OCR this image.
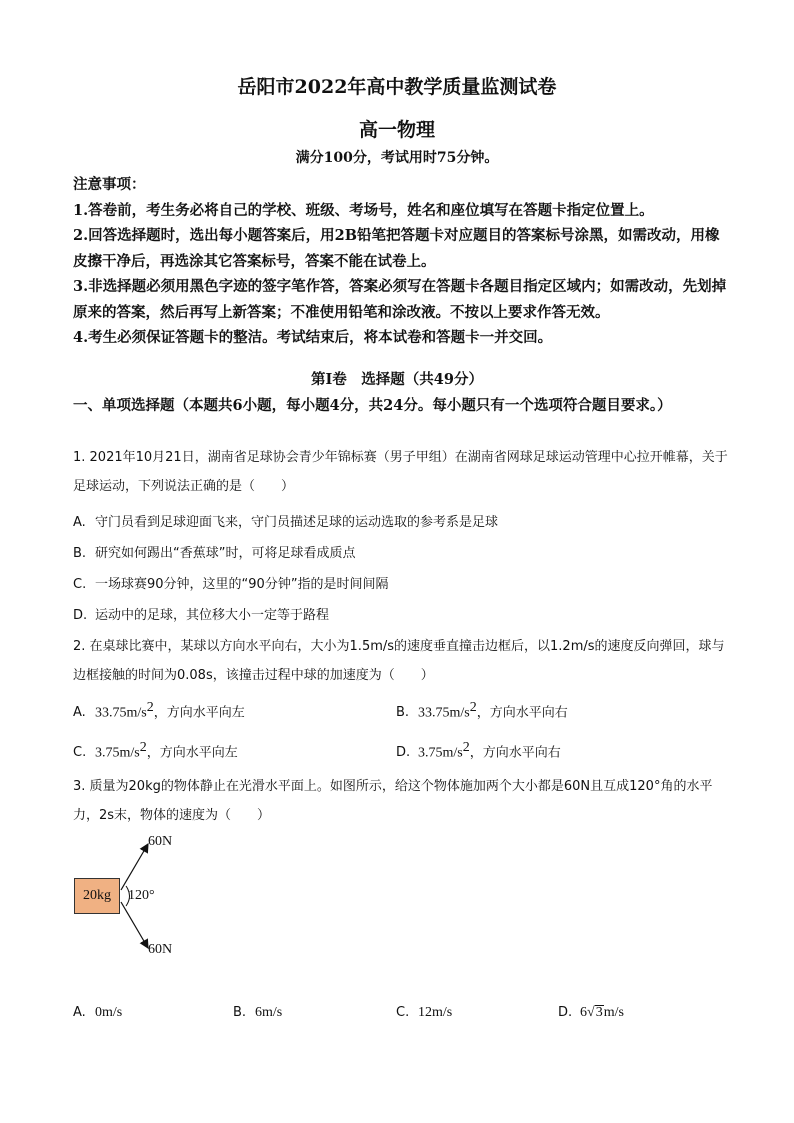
岳阳市2022年高中教学质量监测试卷
高一物理
满分100分，考试用时75分钟。
注意事项：
1.答卷前，考生务必将自己的学校、班级、考场号，姓名和座位填写在答题卡指定位置上。
2.回答选择题时，选出每小题答案后，用2B铅笔把答题卡对应题目的答案标号涂黑，如需改动，用橡皮擦干净后，再选涂其它答案标号，答案不能在试卷上。
3.非选择题必须用黑色字迹的签字笔作答，答案必须写在答题卡各题目指定区域内；如需改动，先划掉原来的答案，然后再写上新答案；不准使用铅笔和涂改液。不按以上要求作答无效。
4.考生必须保证答题卡的整洁。考试结束后，将本试卷和答题卡一并交回。
第Ⅰ卷　选择题（共49分）
一、单项选择题（本题共6小题，每小题4分，共24分。每小题只有一个选项符合题目要求。）
1. 2021年10月21日，湖南省足球协会青少年锦标赛（男子甲组）在湖南省网球足球运动管理中心拉开帷幕，关于足球运动，下列说法正确的是（　　）
A. 守门员看到足球迎面飞来，守门员描述足球的运动选取的参考系是足球
B. 研究如何踢出“香蕉球”时，可将足球看成质点
C. 一场球赛90分钟，这里的“90分钟”指的是时间间隔
D. 运动中的足球，其位移大小一定等于路程
2. 在桌球比赛中，某球以方向水平向右，大小为1.5m/s的速度垂直撞击边框后，以1.2m/s的速度反向弹回，球与边框接触的时间为0.08s，该撞击过程中球的加速度为（　　）
A. $33.75m/s^2$，方向水平向左	B. $33.75m/s^2$，方向水平向右
C. $3.75m/s^2$，方向水平向左	D. $3.75m/s^2$，方向水平向右
3. 质量为20kg的物体静止在光滑水平面上。如图所示，给这个物体施加两个大小都是60N且互成120°角的水平力，2s末，物体的速度为（　　）
20kg
60N
120°
60N
A. 0m/s	B. 6m/s	C. 12m/s	D. 6√3m/s
